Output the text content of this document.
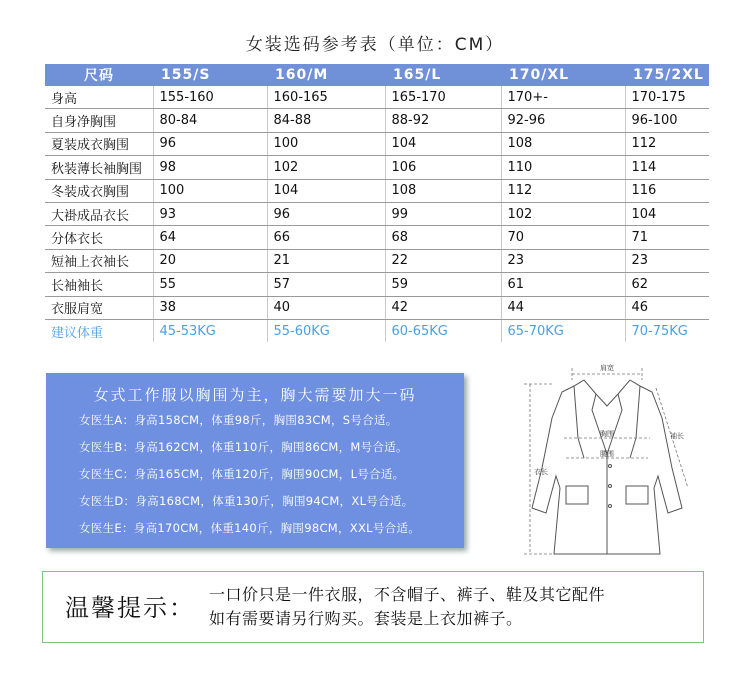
女装选码参考表（单位：CM）
尺码	155/S	160/M	165/L	170/XL	175/2XL
身高	155-160	160-165	165-170	170+-	170-175
自身净胸围	80-84	84-88	88-92	92-96	96-100
夏装成衣胸围	96	100	104	108	112
秋装薄长袖胸围	98	102	106	110	114
冬装成衣胸围	100	104	108	112	116
大褂成品衣长	93	96	99	102	104
分体衣长	64	66	68	70	71
短袖上衣袖长	20	21	22	23	23
长袖袖长	55	57	59	61	62
衣服肩宽	38	40	42	44	46
建议体重	45-53KG	55-60KG	60-65KG	65-70KG	70-75KG
女式工作服以胸围为主，胸大需要加大一码
女医生A：身高158CM，体重98斤，胸围83CM，S号合适。
女医生B：身高162CM，体重110斤，胸围86CM，M号合适。
女医生C：身高165CM，体重120斤，胸围90CM，L号合适。
女医生D：身高168CM，体重130斤，胸围94CM，XL号合适。
女医生E：身高170CM，体重140斤，胸围98CM，XXL号合适。
肩宽
胸围
腰围
衣长
袖长
温馨提示： 一口价只是一件衣服，不含帽子、裤子、鞋及其它配件
如有需要请另行购买。套装是上衣加裤子。
